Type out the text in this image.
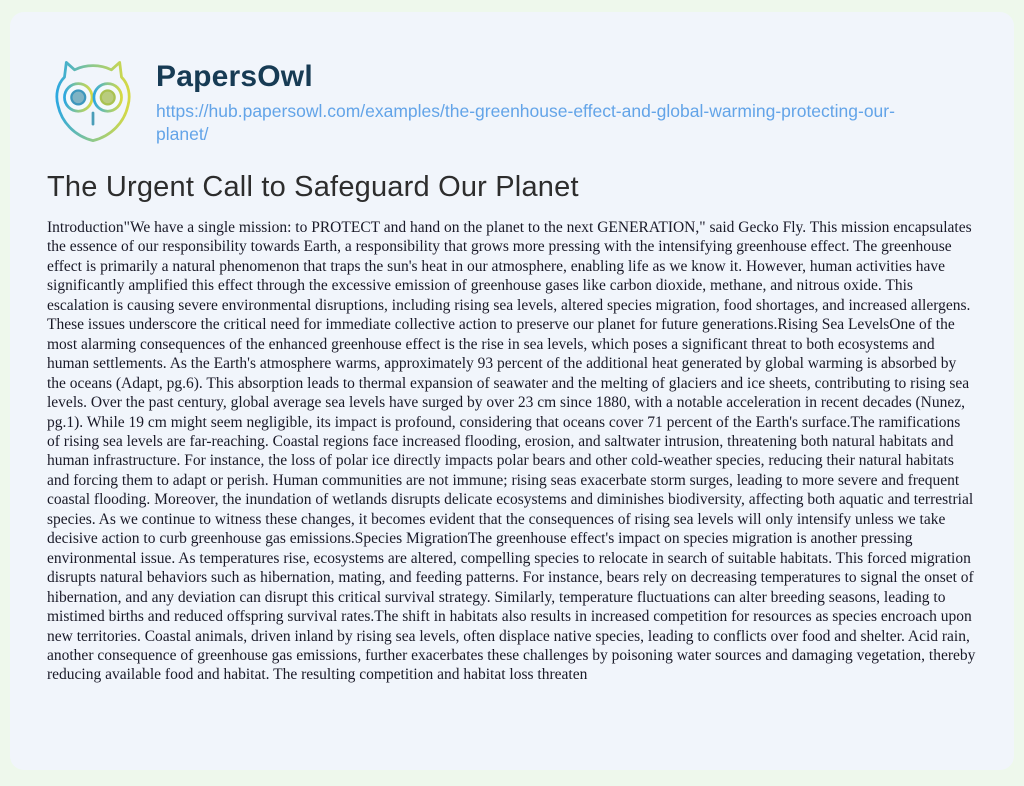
PapersOwl
https://hub.papersowl.com/examples/the-greenhouse-effect-and-global-warming-protecting-our-planet/
The Urgent Call to Safeguard Our Planet

Introduction"We have a single mission: to PROTECT and hand on the planet to the next GENERATION," said Gecko Fly. This mission encapsulates the essence of our responsibility towards Earth, a responsibility that grows more pressing with the intensifying greenhouse effect. The greenhouse effect is primarily a natural phenomenon that traps the sun's heat in our atmosphere, enabling life as we know it. However, human activities have significantly amplified this effect through the excessive emission of greenhouse gases like carbon dioxide, methane, and nitrous oxide. This escalation is causing severe environmental disruptions, including rising sea levels, altered species migration, food shortages, and increased allergens. These issues underscore the critical need for immediate collective action to preserve our planet for future generations.Rising Sea LevelsOne of the most alarming consequences of the enhanced greenhouse effect is the rise in sea levels, which poses a significant threat to both ecosystems and human settlements. As the Earth's atmosphere warms, approximately 93 percent of the additional heat generated by global warming is absorbed by the oceans (Adapt, pg.6). This absorption leads to thermal expansion of seawater and the melting of glaciers and ice sheets, contributing to rising sea levels. Over the past century, global average sea levels have surged by over 23 cm since 1880, with a notable acceleration in recent decades (Nunez, pg.1). While 19 cm might seem negligible, its impact is profound, considering that oceans cover 71 percent of the Earth's surface.The ramifications of rising sea levels are far-reaching. Coastal regions face increased flooding, erosion, and saltwater intrusion, threatening both natural habitats and human infrastructure. For instance, the loss of polar ice directly impacts polar bears and other cold-weather species, reducing their natural habitats and forcing them to adapt or perish. Human communities are not immune; rising seas exacerbate storm surges, leading to more severe and frequent coastal flooding. Moreover, the inundation of wetlands disrupts delicate ecosystems and diminishes biodiversity, affecting both aquatic and terrestrial species. As we continue to witness these changes, it becomes evident that the consequences of rising sea levels will only intensify unless we take decisive action to curb greenhouse gas emissions.Species MigrationThe greenhouse effect's impact on species migration is another pressing environmental issue. As temperatures rise, ecosystems are altered, compelling species to relocate in search of suitable habitats. This forced migration disrupts natural behaviors such as hibernation, mating, and feeding patterns. For instance, bears rely on decreasing temperatures to signal the onset of hibernation, and any deviation can disrupt this critical survival strategy. Similarly, temperature fluctuations can alter breeding seasons, leading to mistimed births and reduced offspring survival rates.The shift in habitats also results in increased competition for resources as species encroach upon new territories. Coastal animals, driven inland by rising sea levels, often displace native species, leading to conflicts over food and shelter. Acid rain, another consequence of greenhouse gas emissions, further exacerbates these challenges by poisoning water sources and damaging vegetation, thereby reducing available food and habitat. The resulting competition and habitat loss threaten
